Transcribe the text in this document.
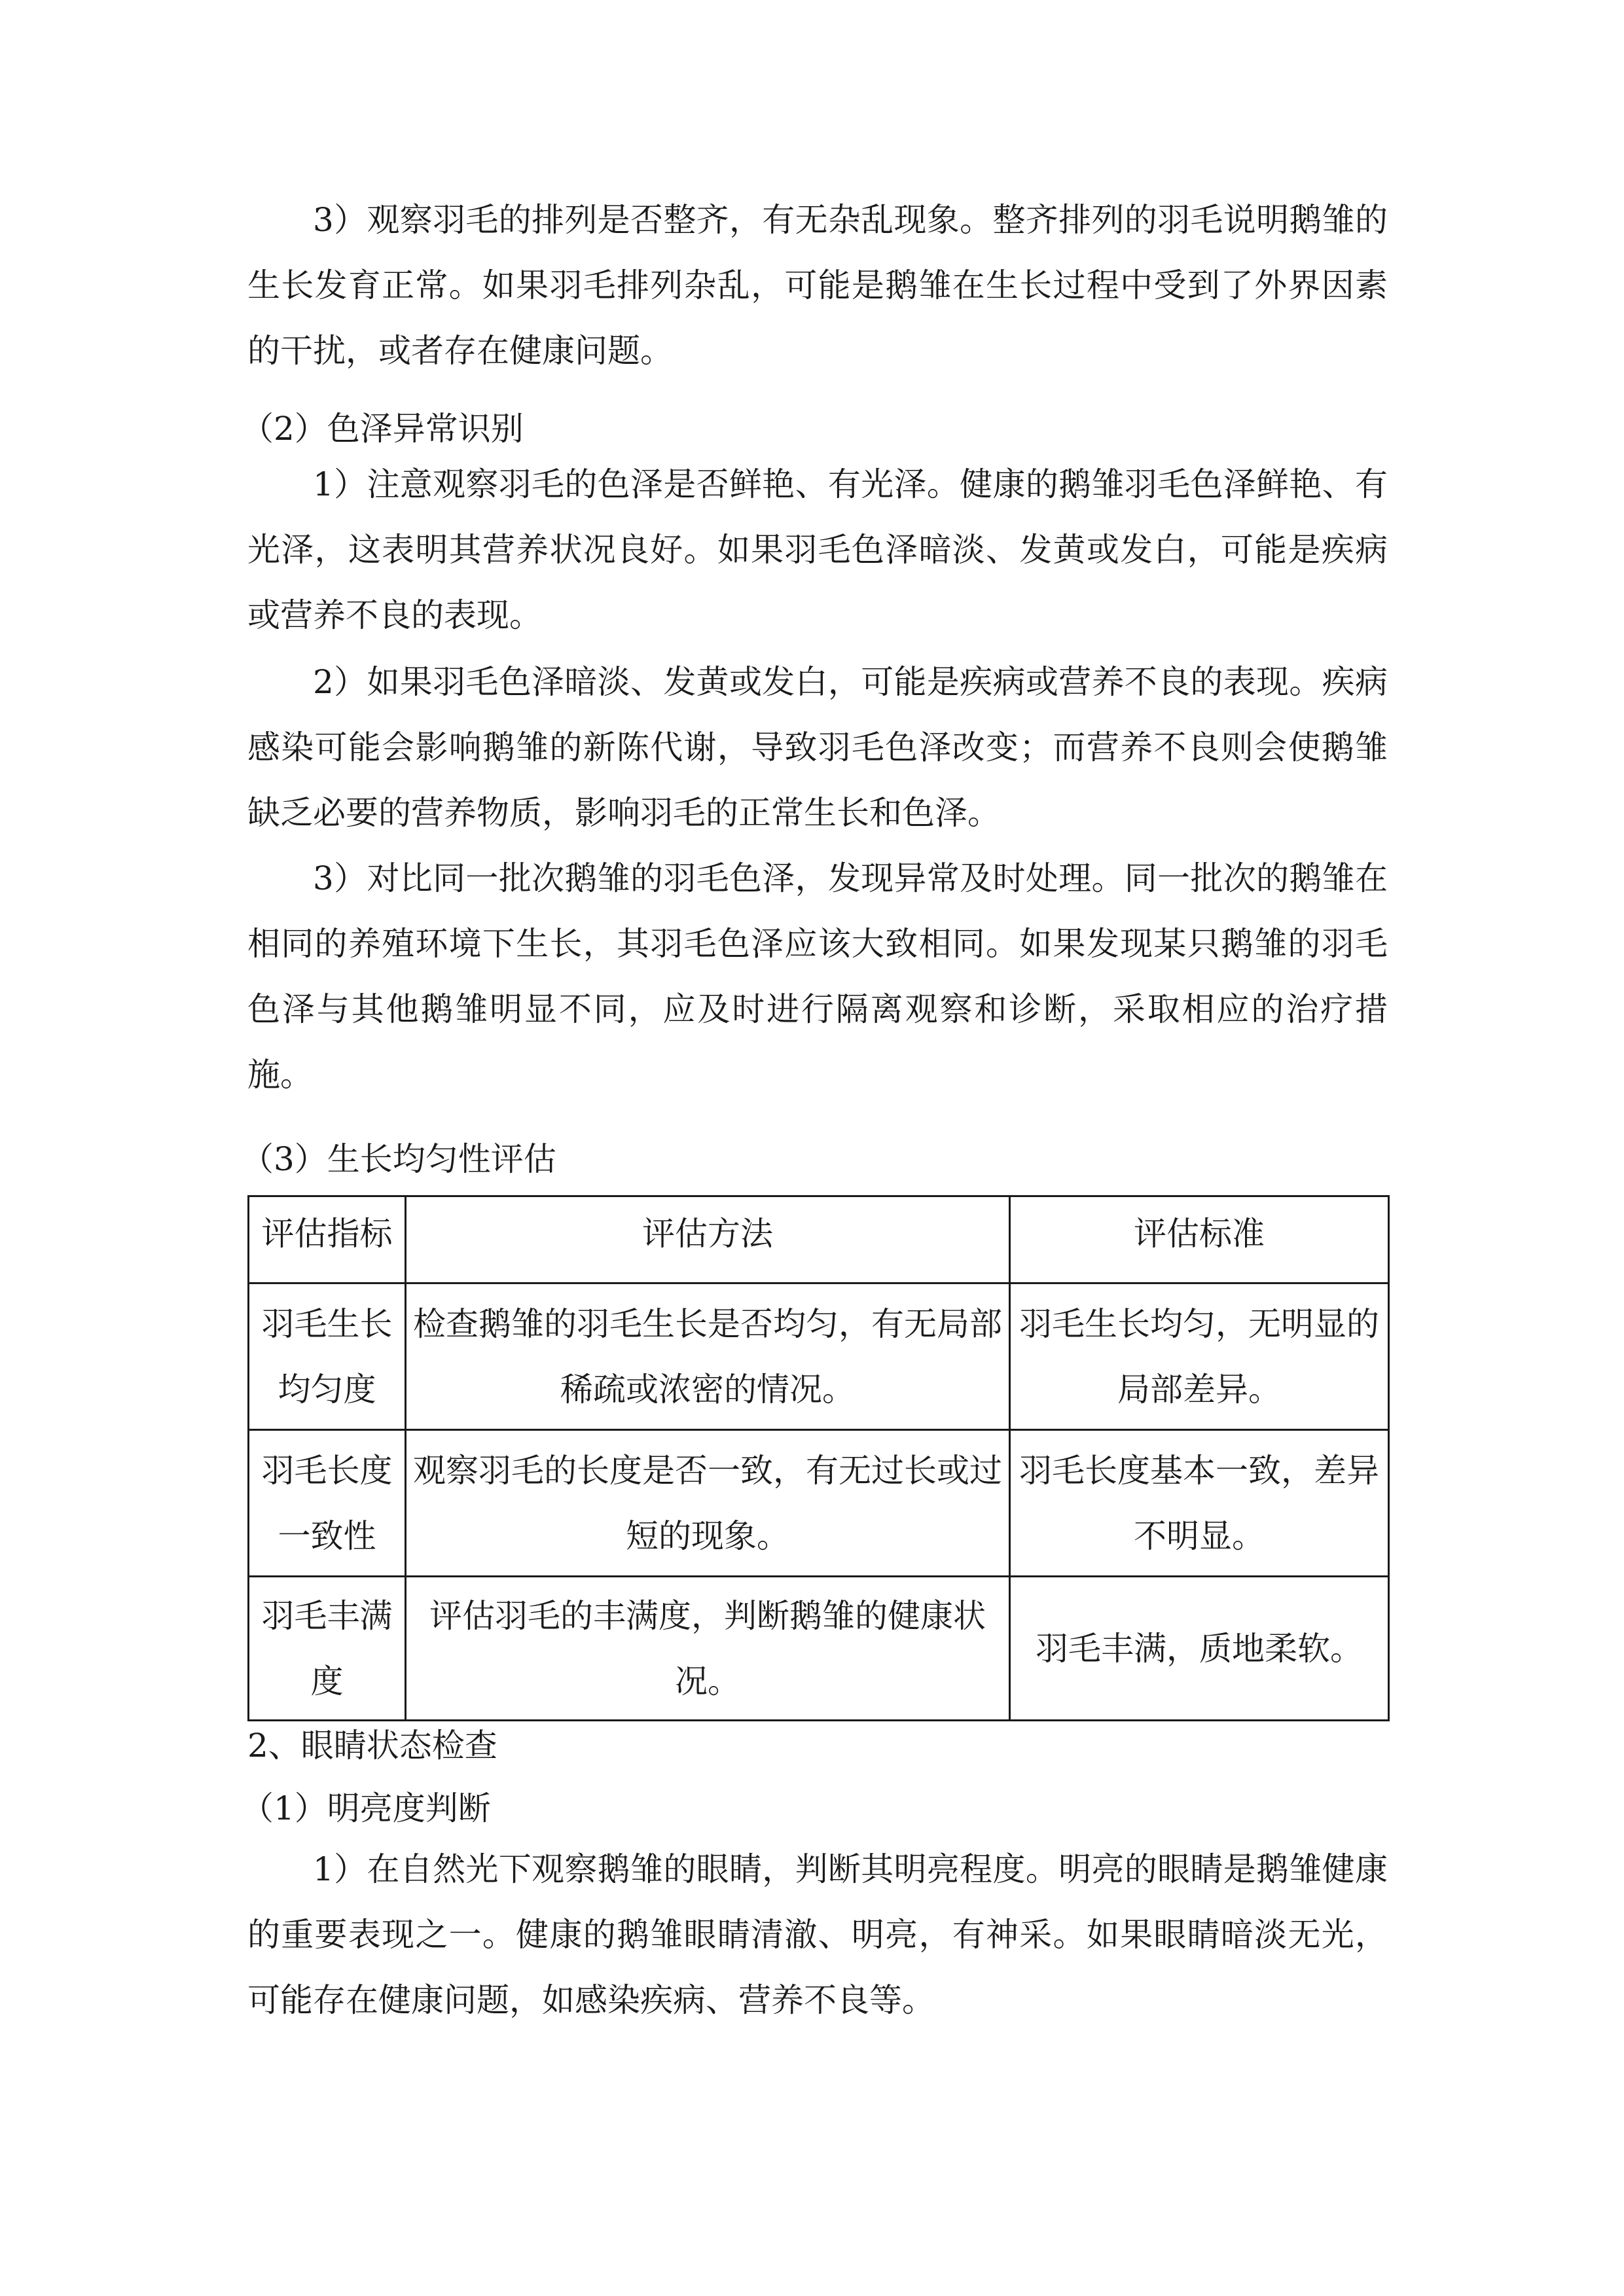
3）观察羽毛的排列是否整齐，有无杂乱现象。整齐排列的羽毛说明鹅雏的生长发育正常。如果羽毛排列杂乱，可能是鹅雏在生长过程中受到了外界因素的干扰，或者存在健康问题。

（2）色泽异常识别

1）注意观察羽毛的色泽是否鲜艳、有光泽。健康的鹅雏羽毛色泽鲜艳、有光泽，这表明其营养状况良好。如果羽毛色泽暗淡、发黄或发白，可能是疾病或营养不良的表现。

2）如果羽毛色泽暗淡、发黄或发白，可能是疾病或营养不良的表现。疾病感染可能会影响鹅雏的新陈代谢，导致羽毛色泽改变；而营养不良则会使鹅雏缺乏必要的营养物质，影响羽毛的正常生长和色泽。

3）对比同一批次鹅雏的羽毛色泽，发现异常及时处理。同一批次的鹅雏在相同的养殖环境下生长，其羽毛色泽应该大致相同。如果发现某只鹅雏的羽毛色泽与其他鹅雏明显不同，应及时进行隔离观察和诊断，采取相应的治疗措施。

（3）生长均匀性评估

评估指标	评估方法	评估标准
羽毛生长均匀度	检查鹅雏的羽毛生长是否均匀，有无局部稀疏或浓密的情况。	羽毛生长均匀，无明显的局部差异。
羽毛长度一致性	观察羽毛的长度是否一致，有无过长或过短的现象。	羽毛长度基本一致，差异不明显。
羽毛丰满度	评估羽毛的丰满度，判断鹅雏的健康状况。	羽毛丰满，质地柔软。

2、眼睛状态检查

（1）明亮度判断

1）在自然光下观察鹅雏的眼睛，判断其明亮程度。明亮的眼睛是鹅雏健康的重要表现之一。健康的鹅雏眼睛清澈、明亮，有神采。如果眼睛暗淡无光，可能存在健康问题，如感染疾病、营养不良等。
